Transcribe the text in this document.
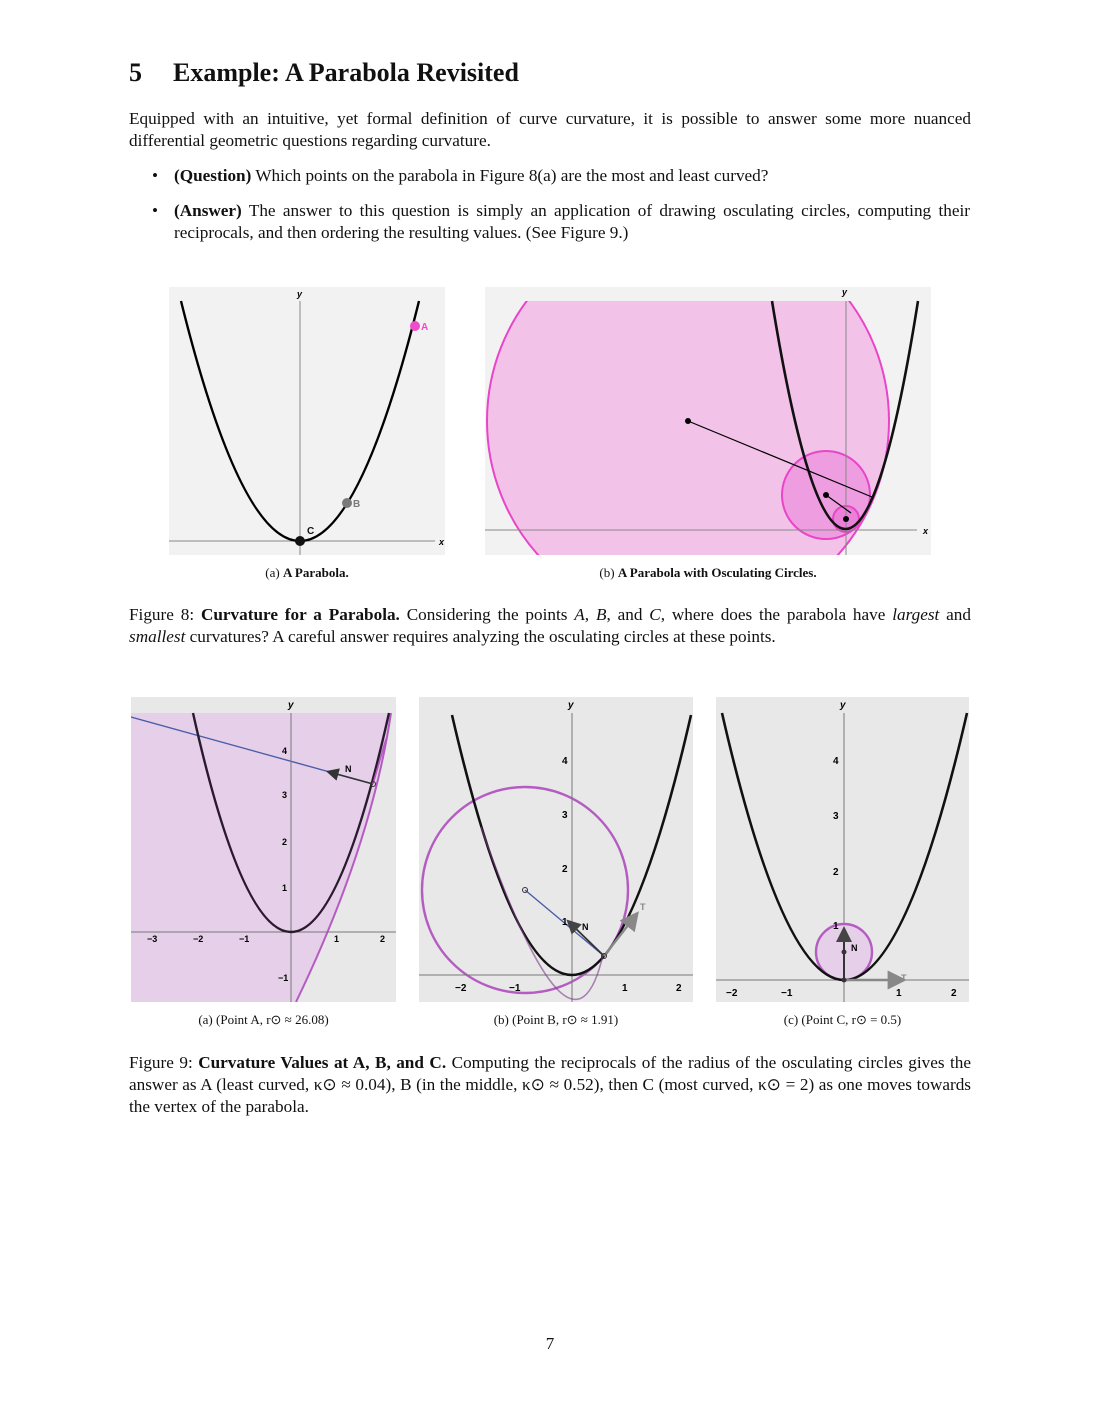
5 Example: A Parabola Revisited

Equipped with an intuitive, yet formal definition of curve curvature, it is possible to answer some more nuanced differential geometric questions regarding curvature.

• (Question) Which points on the parabola in Figure 8(a) are the most and least curved?
• (Answer) The answer to this question is simply an application of drawing osculating circles, computing their reciprocals, and then ordering the resulting values. (See Figure 9.)
x
y
A
B
C
(a) A Parabola.
x
y
(b) A Parabola with Osculating Circles.

Figure 8: Curvature for a Parabola. Considering the points A, B, and C, where does the parabola have largest and smallest curvatures? A careful answer requires analyzing the osculating circles at these points.

y
N
−3	−2	−1	1	2
4
3
2
1
−1
(a) (Point A, r⊙ ≈ 26.08)
y
N
T
−2	−1	1	2
4
3
2
1
(b) (Point B, r⊙ ≈ 1.91)
y
N
T
−2	−1	1	2
4
3
2
1
(c) (Point C, r⊙ = 0.5)

Figure 9: Curvature Values at A, B, and C. Computing the reciprocals of the radius of the osculating circles gives the answer as A (least curved, κ⊙ ≈ 0.04), B (in the middle, κ⊙ ≈ 0.52), then C (most curved, κ⊙ = 2) as one moves towards the vertex of the parabola.

7
